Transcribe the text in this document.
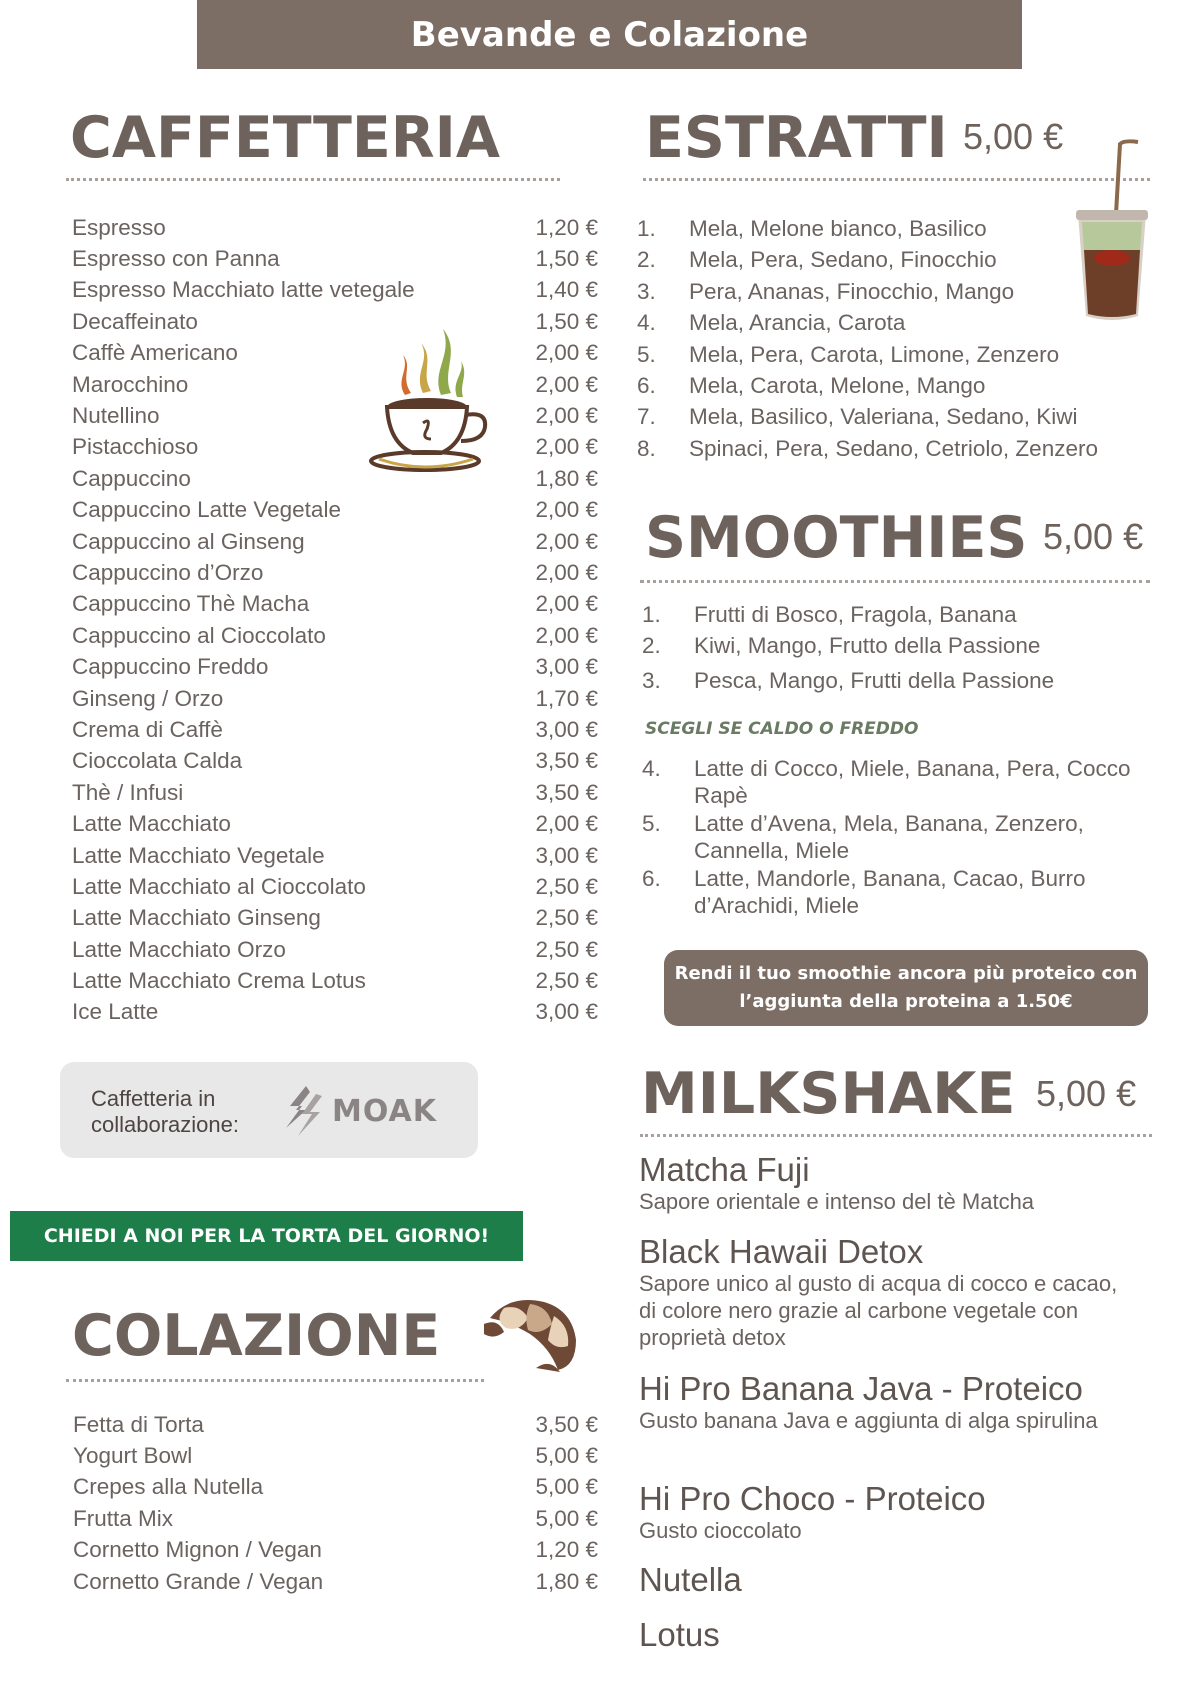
Bevande e Colazione
CAFFETTERIA
Espresso	1,20 €
Espresso con Panna	1,50 €
Espresso Macchiato latte vetegale	1,40 €
Decaffeinato	1,50 €
Caffè Americano	2,00 €
Marocchino	2,00 €
Nutellino	2,00 €
Pistacchioso	2,00 €
Cappuccino	1,80 €
Cappuccino Latte Vegetale	2,00 €
Cappuccino al Ginseng	2,00 €
Cappuccino d’Orzo	2,00 €
Cappuccino Thè Macha	2,00 €
Cappuccino al Cioccolato	2,00 €
Cappuccino Freddo	3,00 €
Ginseng / Orzo	1,70 €
Crema di Caffè	3,00 €
Cioccolata Calda	3,50 €
Thè / Infusi	3,50 €
Latte Macchiato	2,00 €
Latte Macchiato Vegetale	3,00 €
Latte Macchiato al Cioccolato	2,50 €
Latte Macchiato Ginseng	2,50 €
Latte Macchiato Orzo	2,50 €
Latte Macchiato Crema Lotus	2,50 €
Ice Latte	3,00 €
Caffetteria in collaborazione:	MOAK
CHIEDI A NOI PER LA TORTA DEL GIORNO!
COLAZIONE
Fetta di Torta	3,50 €
Yogurt Bowl	5,00 €
Crepes alla Nutella	5,00 €
Frutta Mix	5,00 €
Cornetto Mignon / Vegan	1,20 €
Cornetto Grande / Vegan	1,80 €
ESTRATTI 5,00 €
1.	Mela, Melone bianco, Basilico
2.	Mela, Pera, Sedano, Finocchio
3.	Pera, Ananas, Finocchio, Mango
4.	Mela, Arancia, Carota
5.	Mela, Pera, Carota, Limone, Zenzero
6.	Mela, Carota, Melone, Mango
7.	Mela, Basilico, Valeriana, Sedano, Kiwi
8.	Spinaci, Pera, Sedano, Cetriolo, Zenzero
SMOOTHIES 5,00 €
1.	Frutti di Bosco, Fragola, Banana
2.	Kiwi, Mango, Frutto della Passione
3.	Pesca, Mango, Frutti della Passione
SCEGLI SE CALDO O FREDDO
4.	Latte di Cocco, Miele, Banana, Pera, Cocco Rapè
5.	Latte d’Avena, Mela, Banana, Zenzero, Cannella, Miele
6.	Latte, Mandorle, Banana, Cacao, Burro d’Arachidi, Miele
Rendi il tuo smoothie ancora più proteico con l’aggiunta della proteina a 1.50€
MILKSHAKE 5,00 €
Matcha Fuji
Sapore orientale e intenso del tè Matcha
Black Hawaii Detox
Sapore unico al gusto di acqua di cocco e cacao, di colore nero grazie al carbone vegetale con proprietà detox
Hi Pro Banana Java - Proteico
Gusto banana Java e aggiunta di alga spirulina
Hi Pro Choco - Proteico
Gusto cioccolato
Nutella
Lotus
